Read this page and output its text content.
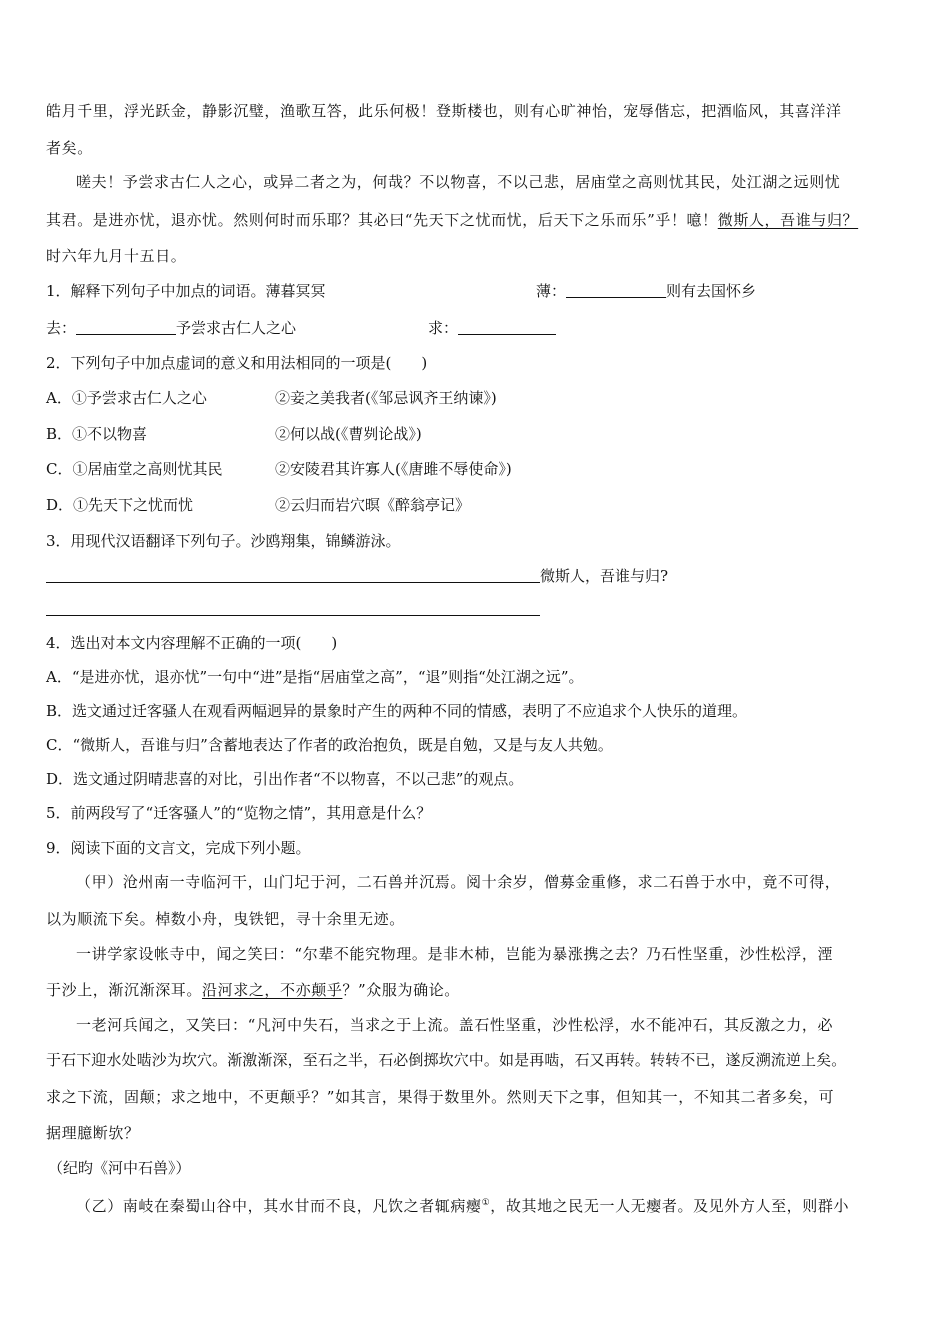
皓月千里，浮光跃金，静影沉璧，渔歌互答，此乐何极！登斯楼也，则有心旷神怡，宠辱偕忘，把酒临风，其喜洋洋
者矣。
嗟夫！予尝求古仁人之心，或异二者之为，何哉？不以物喜，不以己悲，居庙堂之高则忧其民，处江湖之远则忧
其君。是进亦忧，退亦忧。然则何时而乐耶？其必曰“先天下之忧而忧，后天下之乐而乐”乎！噫！微斯人，吾谁与归？
时六年九月十五日。
1．解释下列句子中加点的词语。薄暮冥冥	薄：	则有去国怀乡
去：	予尝求古仁人之心	求：
2．下列句子中加点虚词的意义和用法相同的一项是(　　)
A．①予尝求古仁人之心	②妾之美我者(《邹忌讽齐王纳谏》)
B．①不以物喜	②何以战(《曹刿论战》)
C．①居庙堂之高则忧其民	②安陵君其许寡人(《唐雎不辱使命》)
D．①先天下之忧而忧	②云归而岩穴暝《醉翁亭记》
3．用现代汉语翻译下列句子。沙鸥翔集，锦鳞游泳。
微斯人，吾谁与归?
4．选出对本文内容理解不正确的一项(　　)
A．“是进亦忧，退亦忧”一句中“进”是指“居庙堂之高”，“退”则指“处江湖之远”。
B．选文通过迁客骚人在观看两幅迥异的景象时产生的两种不同的情感，表明了不应追求个人快乐的道理。
C．“微斯人，吾谁与归”含蓄地表达了作者的政治抱负，既是自勉，又是与友人共勉。
D．选文通过阴晴悲喜的对比，引出作者“不以物喜，不以己悲”的观点。
5．前两段写了“迁客骚人”的“览物之情”，其用意是什么？
9．阅读下面的文言文，完成下列小题。
（甲）沧州南一寺临河干，山门圮于河，二石兽并沉焉。阅十余岁，僧募金重修，求二石兽于水中，竟不可得，
以为顺流下矣。棹数小舟，曳铁钯，寻十余里无迹。
一讲学家设帐寺中，闻之笑曰：“尔辈不能究物理。是非木杮，岂能为暴涨携之去？乃石性坚重，沙性松浮，湮
于沙上，渐沉渐深耳。沿河求之，不亦颠乎？”众服为确论。
一老河兵闻之，又笑曰：“凡河中失石，当求之于上流。盖石性坚重，沙性松浮，水不能冲石，其反激之力，必
于石下迎水处啮沙为坎穴。渐激渐深，至石之半，石必倒掷坎穴中。如是再啮，石又再转。转转不已，遂反溯流逆上矣。
求之下流，固颠；求之地中，不更颠乎？”如其言，果得于数里外。然则天下之事，但知其一，不知其二者多矣，可
据理臆断欤？
（纪昀《河中石兽》）
（乙）南岐在秦蜀山谷中，其水甘而不良，凡饮之者辄病瘿①，故其地之民无一人无瘿者。及见外方人至，则群小
